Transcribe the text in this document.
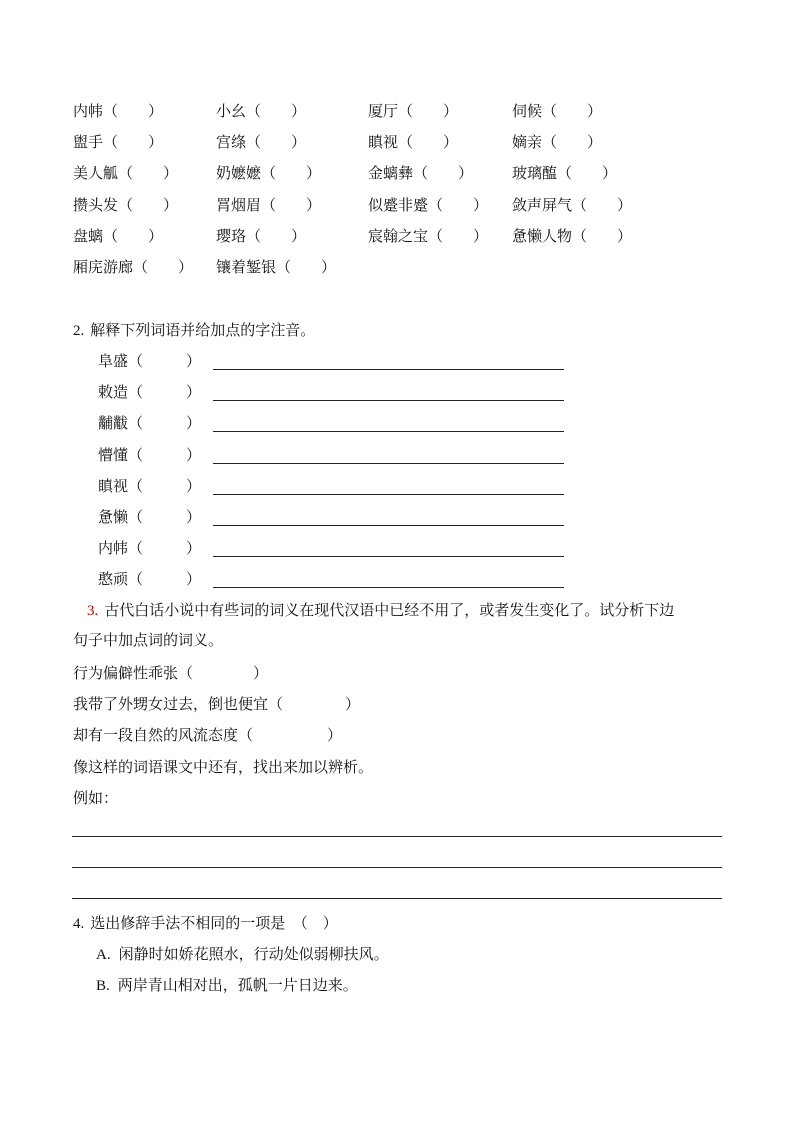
内帏（　　）	小幺（　　）	厦厅（　　）	伺候（　　）
盥手（　　）	宫绦（　　）	瞋视（　　）	嫡亲（　　）
美人觚（　　）	奶嬷嬷（　　）	金螭彝（　　）	玻璃醢（　　）
攒头发（　　）	罥烟眉（　　）	似蹙非蹙（　　） 敛声屏气（　　）
盘螭（　　）	璎珞（　　）	宸翰之宝（　　） 惫懒人物（　　）
厢庑游廊（　　） 镶着錾银（　　）
2. 解释下列词语并给加点的字注音。
阜盛（	）
敕造（	）
黼黻（	）
懵懂（	）
瞋视（	）
惫懒（	）
内帏（	）
憨顽（	）
3. 古代白话小说中有些词的词义在现代汉语中已经不用了，或者发生变化了。试分析下边
句子中加点词的词义。
行为偏僻性乖张（	）
我带了外甥女过去，倒也便宜（	）
却有一段自然的风流态度（	）
像这样的词语课文中还有，找出来加以辨析。
例如：
4. 选出修辞手法不相同的一项是　（　）
A. 闲静时如娇花照水，行动处似弱柳扶风。
B. 两岸青山相对出，孤帆一片日边来。
